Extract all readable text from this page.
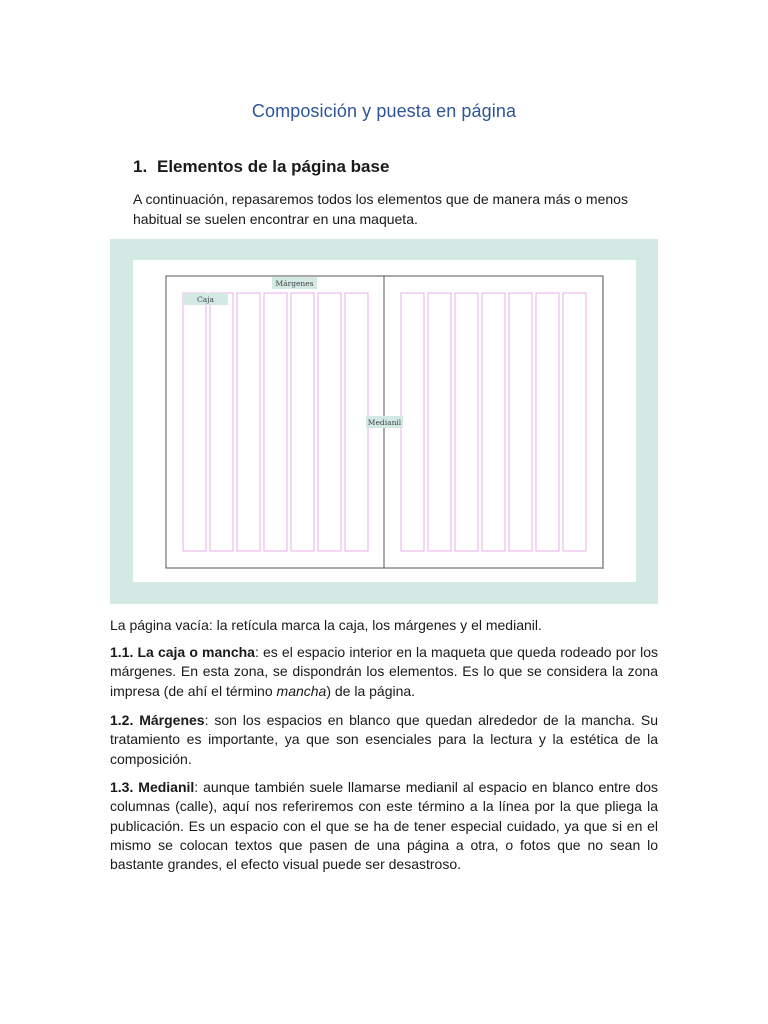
Composición y puesta en página
1. Elementos de la página base
A continuación, repasaremos todos los elementos que de manera más o menos habitual se suelen encontrar en una maqueta.
Márgenes
Caja
Medianil
La página vacía: la retícula marca la caja, los márgenes y el medianil.
1.1. La caja o mancha: es el espacio interior en la maqueta que queda rodeado por los márgenes. En esta zona, se dispondrán los elementos. Es lo que se considera la zona impresa (de ahí el término mancha) de la página.
1.2. Márgenes: son los espacios en blanco que quedan alrededor de la mancha. Su tratamiento es importante, ya que son esenciales para la lectura y la estética de la composición.
1.3. Medianil: aunque también suele llamarse medianil al espacio en blanco entre dos columnas (calle), aquí nos referiremos con este término a la línea por la que pliega la publicación. Es un espacio con el que se ha de tener especial cuidado, ya que si en el mismo se colocan textos que pasen de una página a otra, o fotos que no sean lo bastante grandes, el efecto visual puede ser desastroso.
